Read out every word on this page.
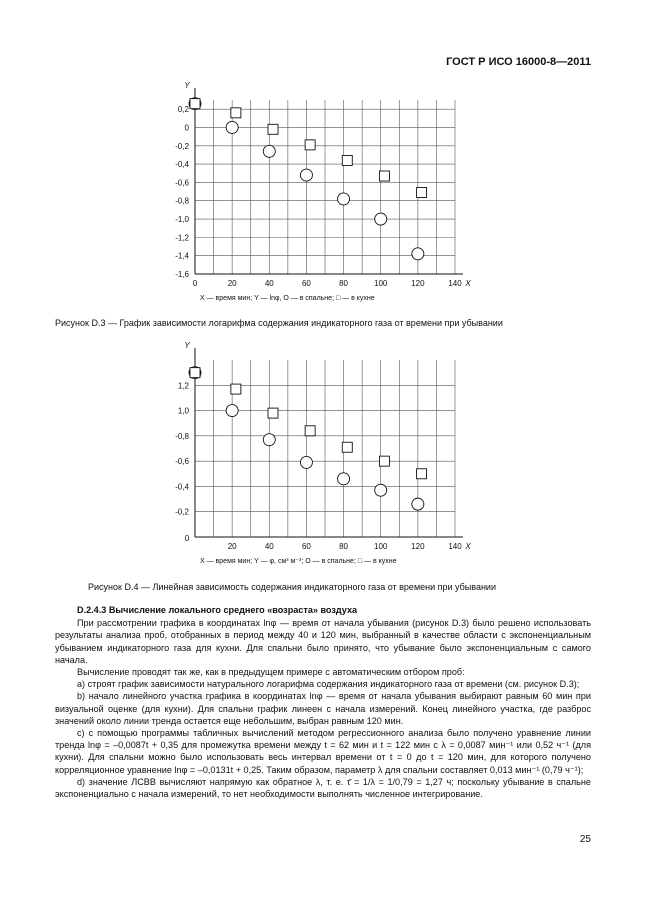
ГОСТ Р ИСО 16000-8—2011
Y
X
0,2
0
-0,2
-0,4
-0,6
-0,8
-1,0
-1,2
-1,4
-1,6
0	20	40	60	80	100	120	140
Y
X
1,2
1,0
-0,8
-0,6
-0,4
-0,2
20	40	60	80	100	120	140
0
X — время мин; Y — lnφ, O — в спальне; □ — в кухне
Рисунок D.3 — График зависимости логарифма содержания индикаторного газа от времени при убывании
X — время мин; Y — φ, см³ м⁻³; O — в спальне; □ — в кухне
Рисунок D.4 — Линейная зависимость содержания индикаторного газа от времени при убывании
D.2.4.3 Вычисление локального среднего «возраста» воздуха

При рассмотрении графика в координатах lnφ — время от начала убывания (рисунок D.3) было решено использовать результаты анализа проб, отобранных в период между 40 и 120 мин, выбранный в качестве области с экспоненциальным убыванием индикаторного газа для кухни. Для спальни было принято, что убывание было экспоненциальным с самого начала.

Вычисление проводят так же, как в предыдущем примере с автоматическим отбором проб:

a) строят график зависимости натурального логарифма содержания индикаторного газа от времени (см. рисунок D.3);

b) начало линейного участка графика в координатах lnφ — время от начала убывания выбирают равным 60 мин при визуальной оценке (для кухни). Для спальни график линеен с начала измерений. Конец линейного участка, где разброс значений около линии тренда остается еще небольшим, выбран равным 120 мин.

c) с помощью программы табличных вычислений методом регрессионного анализа было получено уравнение линии тренда lnφ = –0,0087t + 0,35 для промежутка времени между t = 62 мин и t = 122 мин с λ = 0,0087 мин⁻¹ или 0,52 ч⁻¹ (для кухни). Для спальни можно было использовать весь интервал времени от t = 0 до t = 120 мин, для которого получено корреляционное уравнение lnφ = –0,0131t + 0,25. Таким образом, параметр λ для спальни составляет 0,013 мин⁻¹ (0,79 ч⁻¹);

d) значение ЛСВВ вычисляют напрямую как обратное λ, т. е. τ̄ = 1/λ = 1/0,79 = 1,27 ч; поскольку убывание в спальне экспоненциально с начала измерений, то нет необходимости выполнять численное интегрирование.

25
